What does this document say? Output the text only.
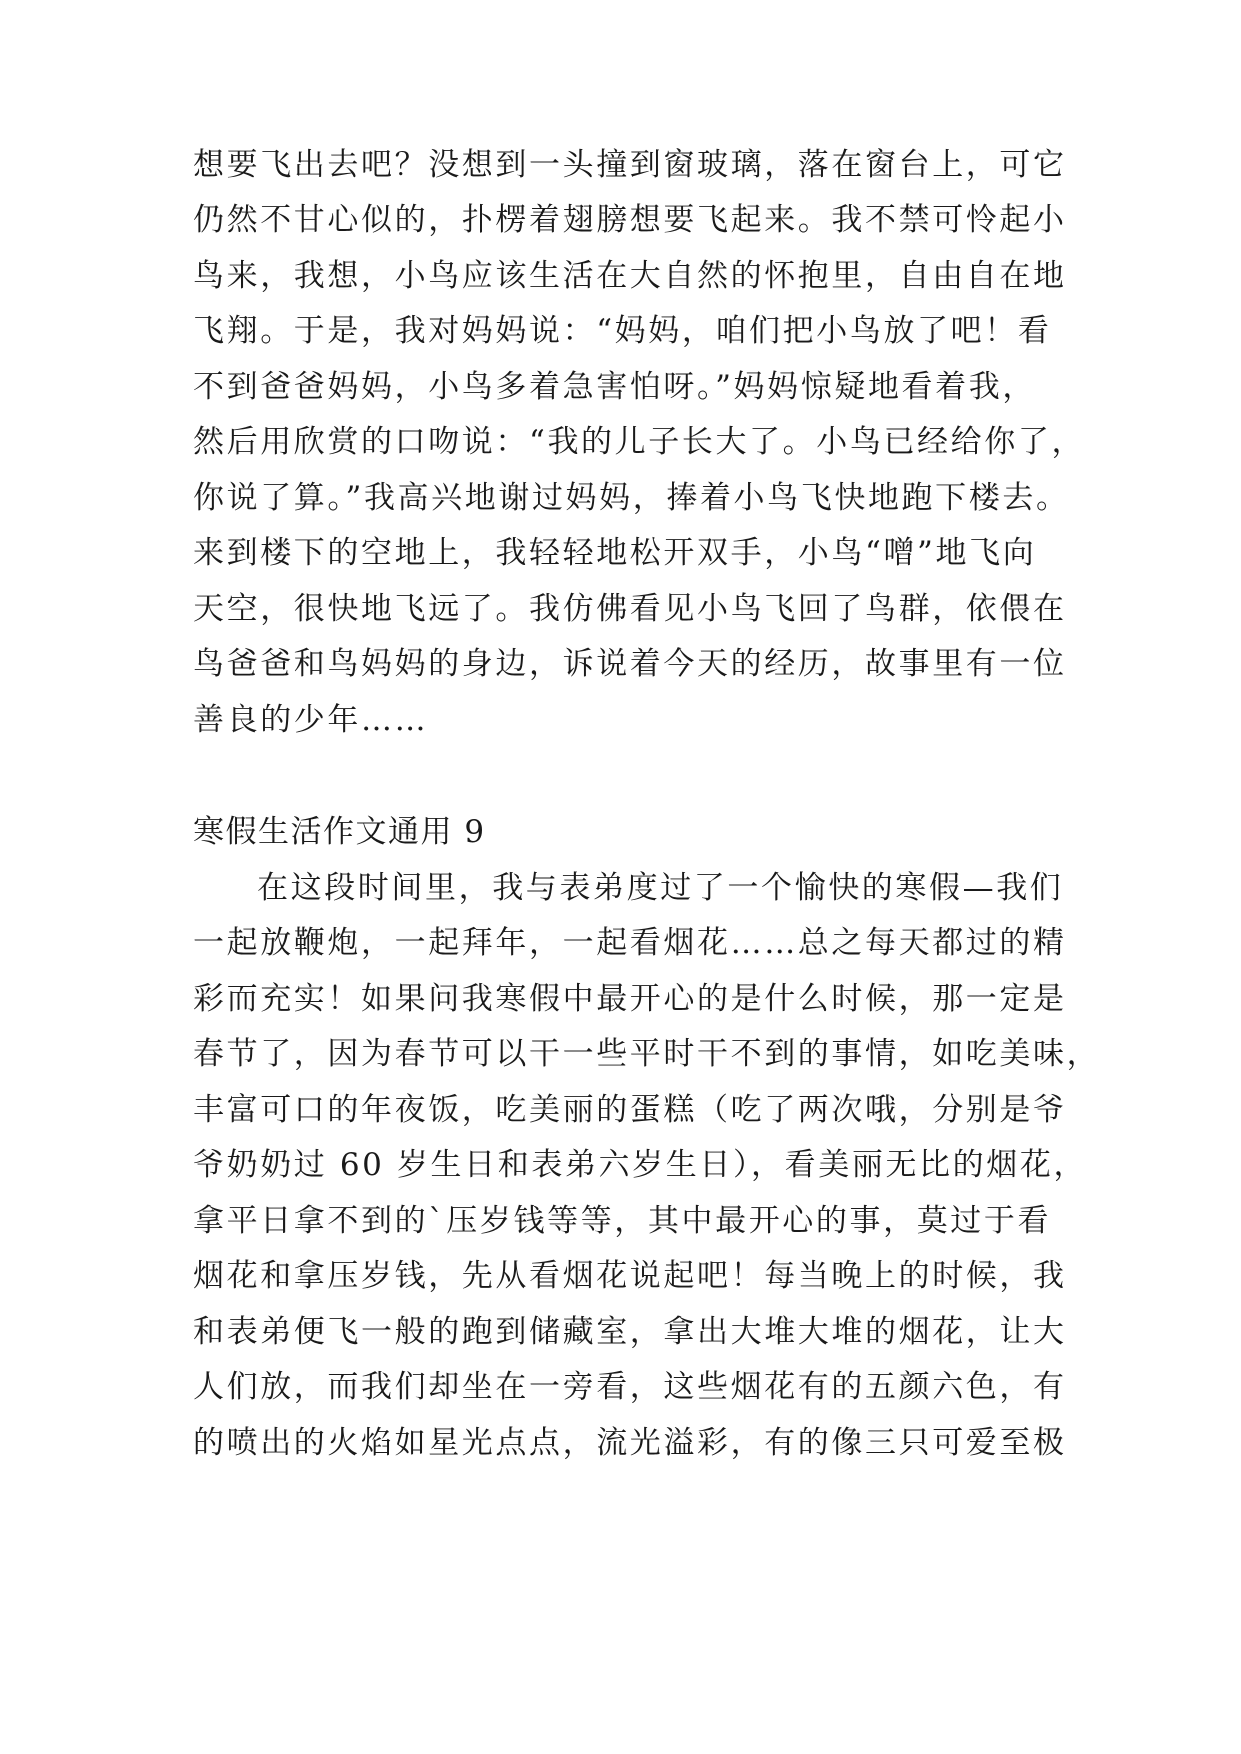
想要飞出去吧？没想到一头撞到窗玻璃，落在窗台上，可它
仍然不甘心似的，扑楞着翅膀想要飞起来。我不禁可怜起小
鸟来，我想，小鸟应该生活在大自然的怀抱里，自由自在地
飞翔。于是，我对妈妈说：“妈妈，咱们把小鸟放了吧！看
不到爸爸妈妈，小鸟多着急害怕呀。”妈妈惊疑地看着我，
然后用欣赏的口吻说：“我的儿子长大了。小鸟已经给你了，
你说了算。”我高兴地谢过妈妈，捧着小鸟飞快地跑下楼去。
来到楼下的空地上，我轻轻地松开双手，小鸟“噌”地飞向
天空，很快地飞远了。我仿佛看见小鸟飞回了鸟群，依偎在
鸟爸爸和鸟妈妈的身边，诉说着今天的经历，故事里有一位
善良的少年……
寒假生活作文通用 9
在这段时间里，我与表弟度过了一个愉快的寒假—我们
一起放鞭炮，一起拜年，一起看烟花……总之每天都过的精
彩而充实！如果问我寒假中最开心的是什么时候，那一定是
春节了，因为春节可以干一些平时干不到的事情，如吃美味，
丰富可口的年夜饭，吃美丽的蛋糕（吃了两次哦，分别是爷
爷奶奶过 60 岁生日和表弟六岁生日），看美丽无比的烟花，
拿平日拿不到的`压岁钱等等，其中最开心的事，莫过于看
烟花和拿压岁钱，先从看烟花说起吧！每当晚上的时候，我
和表弟便飞一般的跑到储藏室，拿出大堆大堆的烟花，让大
人们放，而我们却坐在一旁看，这些烟花有的五颜六色，有
的喷出的火焰如星光点点，流光溢彩，有的像三只可爱至极
